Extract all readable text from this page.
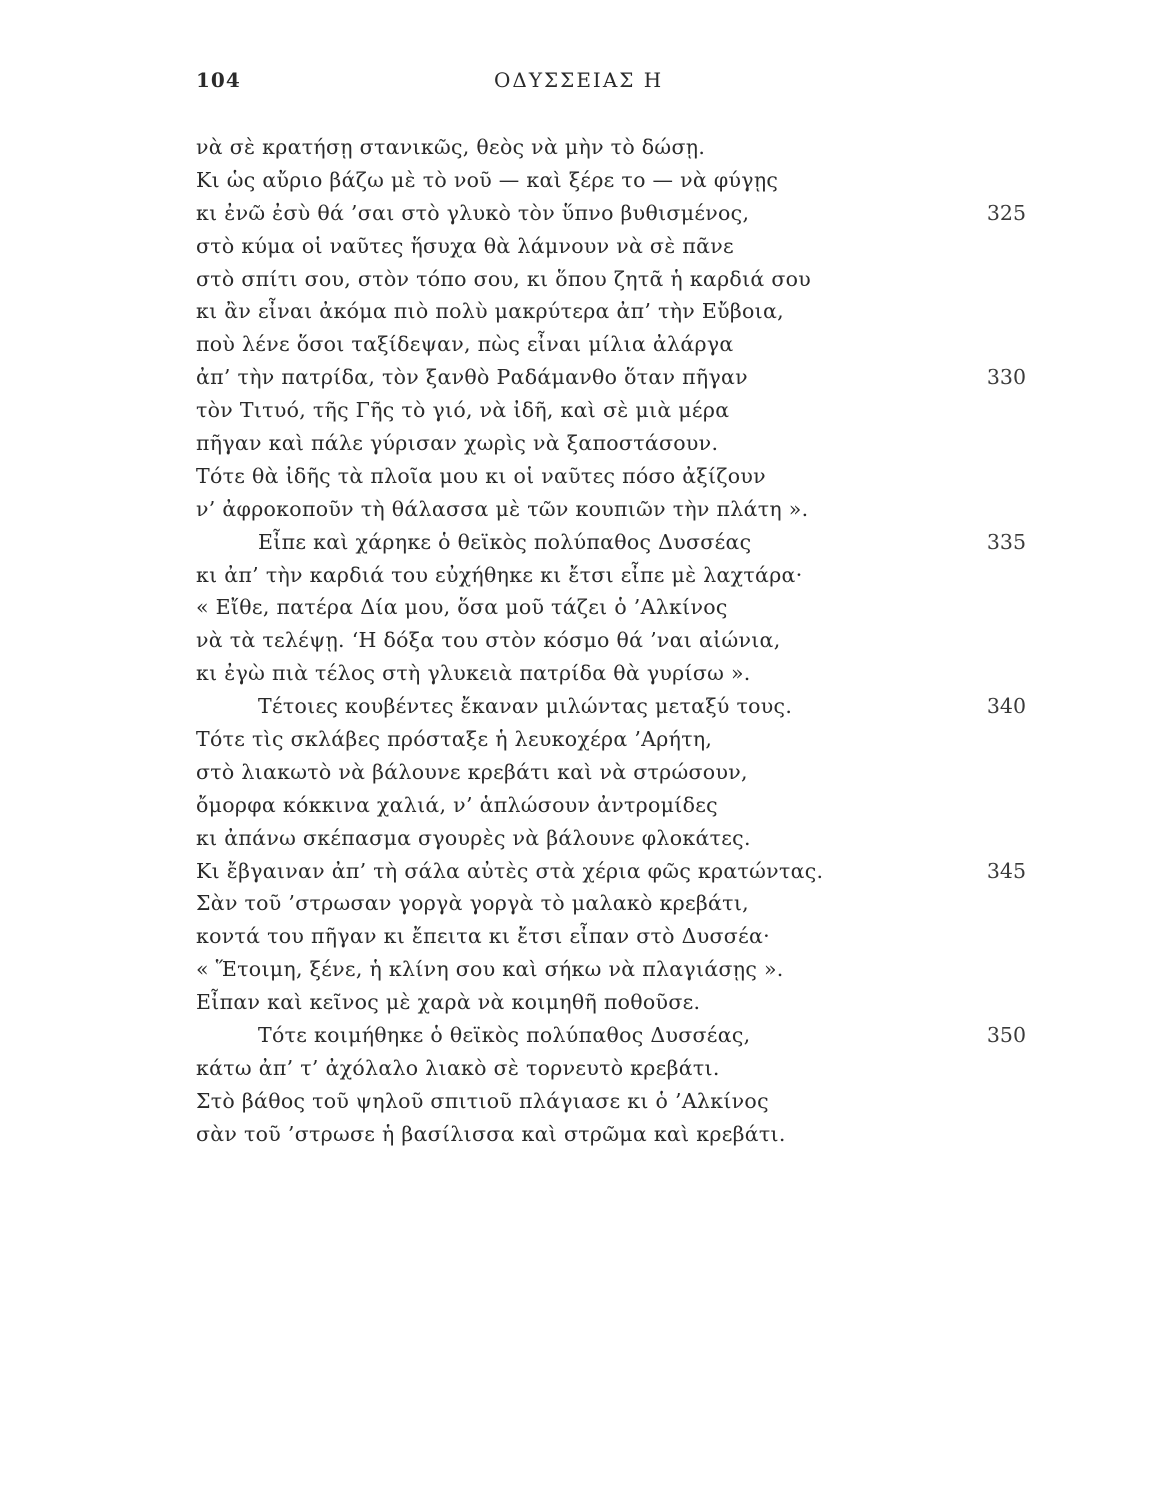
104	ΟΔΥΣΣΕΙΑΣ Η
νὰ σὲ κρατήσῃ στανικῶς, θεὸς νὰ μὴν τὸ δώσῃ.
Κι ὡς αὔριο βάζω μὲ τὸ νοῦ — καὶ ξέρε το — νὰ φύγῃς
κι ἐνῶ ἐσὺ θά ’σαι στὸ γλυκὸ τὸν ὕπνο βυθισμένος,	325
στὸ κύμα οἱ ναῦτες ἥσυχα θὰ λάμνουν νὰ σὲ πᾶνε
στὸ σπίτι σου, στὸν τόπο σου, κι ὅπου ζητᾶ ἡ καρδιά σου
κι ἂν εἶναι ἀκόμα πιὸ πολὺ μακρύτερα ἀπ’ τὴν Εὔβοια,
ποὺ λένε ὅσοι ταξίδεψαν, πὼς εἶναι μίλια ἀλάργα
ἀπ’ τὴν πατρίδα, τὸν ξανθὸ Ραδάμανθο ὅταν πῆγαν	330
τὸν Τιτυό, τῆς Γῆς τὸ γιό, νὰ ἰδῆ, καὶ σὲ μιὰ μέρα
πῆγαν καὶ πάλε γύρισαν χωρὶς νὰ ξαποστάσουν.
Τότε θὰ ἰδῆς τὰ πλοῖα μου κι οἱ ναῦτες πόσο ἀξίζουν
ν’ ἀφροκοποῦν τὴ θάλασσα μὲ τῶν κουπιῶν τὴν πλάτη ».
Εἶπε καὶ χάρηκε ὁ θεϊκὸς πολύπαθος Δυσσέας	335
κι ἀπ’ τὴν καρδιά του εὐχήθηκε κι ἔτσι εἶπε μὲ λαχτάρα·
« Εἴθε, πατέρα Δία μου, ὅσα μοῦ τάζει ὁ ’Αλκίνος
νὰ τὰ τελέψῃ. ‘Η δόξα του στὸν κόσμο θά ’ναι αἰώνια,
κι ἐγὼ πιὰ τέλος στὴ γλυκειὰ πατρίδα θὰ γυρίσω ».
Τέτοιες κουβέντες ἔκαναν μιλώντας μεταξύ τους.	340
Τότε τὶς σκλάβες πρόσταξε ἡ λευκοχέρα ’Αρήτη,
στὸ λιακωτὸ νὰ βάλουνε κρεβάτι καὶ νὰ στρώσουν,
ὄμορφα κόκκινα χαλιά, ν’ ἁπλώσουν ἀντρομίδες
κι ἀπάνω σκέπασμα σγουρὲς νὰ βάλουνε φλοκάτες.
Κι ἔβγαιναν ἀπ’ τὴ σάλα αὐτὲς στὰ χέρια φῶς κρατώντας.	345
Σὰν τοῦ ’στρωσαν γοργὰ γοργὰ τὸ μαλακὸ κρεβάτι,
κοντά του πῆγαν κι ἔπειτα κι ἔτσι εἶπαν στὸ Δυσσέα·
« Ἕτοιμη, ξένε, ἡ κλίνη σου καὶ σήκω νὰ πλαγιάσῃς ».
Εἶπαν καὶ κεῖνος μὲ χαρὰ νὰ κοιμηθῆ ποθοῦσε.
Τότε κοιμήθηκε ὁ θεϊκὸς πολύπαθος Δυσσέας,	350
κάτω ἀπ’ τ’ ἀχόλαλο λιακὸ σὲ τορνευτὸ κρεβάτι.
Στὸ βάθος τοῦ ψηλοῦ σπιτιοῦ πλάγιασε κι ὁ ’Αλκίνος
σὰν τοῦ ’στρωσε ἡ βασίλισσα καὶ στρῶμα καὶ κρεβάτι.
